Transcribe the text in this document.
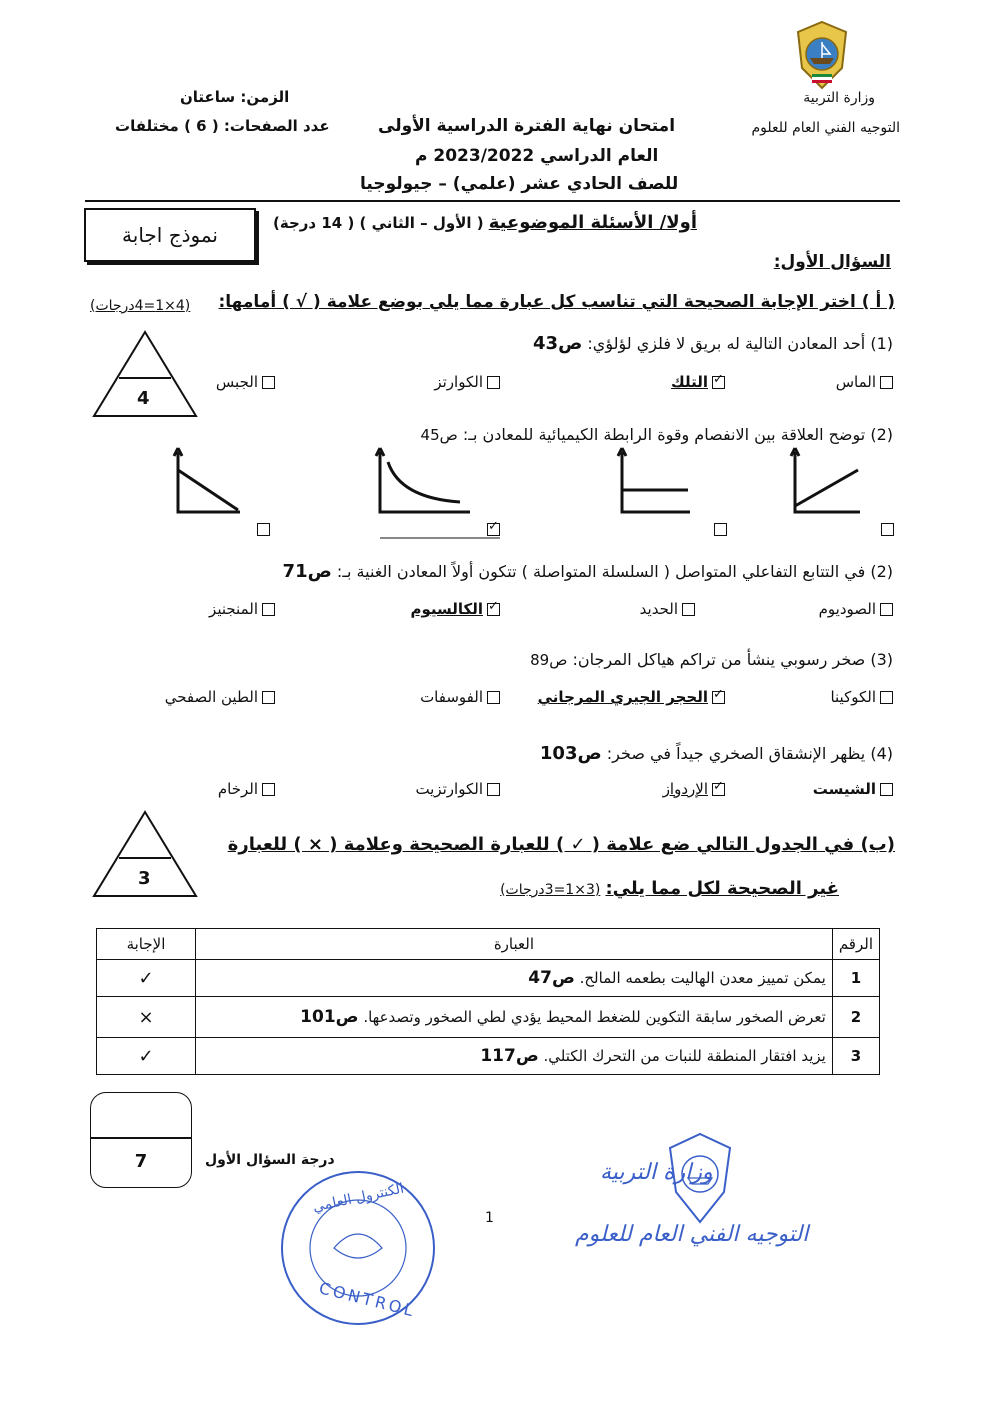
وزارة التربية
التوجيه الفني العام للعلوم
الزمن: ساعتان
عدد الصفحات: ( 6 ) مختلفات	امتحان نهاية الفترة الدراسية الأولى
العام الدراسي 2023/2022 م
للصف الحادي عشر (علمي) – جيولوجيا
نموذج اجابة
أولا/ الأسئلة الموضوعية ( الأول – الثاني ) ( 14 درجة)
السؤال الأول:
( أ ) اختر الإجابة الصحيحة التي تناسب كل عبارة مما يلي بوضع علامة ( √ ) أمامها:
(4×1=4درجات)
4
(1) أحد المعادن التالية له بريق لا فلزي لؤلؤي: ص43
الماس
✓التلك
الكوارتز
الجبس
(2) توضح العلاقة بين الانفصام وقوة الرابطة الكيميائية للمعادن بـ: ص45
✓
(2) في التتابع التفاعلي المتواصل ( السلسلة المتواصلة ) تتكون أولاً المعادن الغنية بـ: ص71
الصوديوم
الحديد
✓الكالسيوم
المنجنيز
(3) صخر رسوبي ينشأ من تراكم هياكل المرجان: ص89
الكوكينا
✓الحجر الجيري المرجاني
الفوسفات
الطين الصفحي
(4) يظهر الإنشقاق الصخري جيداً في صخر: ص103
الشيست
✓الإردواز
الكوارتزيت
الرخام
3
(ب) في الجدول التالي ضع علامة ( ✓ ) للعبارة الصحيحة وعلامة ( × ) للعبارة
غير الصحيحة لكل مما يلي: (3×1=3درجات)
الرقم	العبارة	الإجابة
1	يمكن تمييز معدن الهاليت بطعمه المالح. ص47	✓
2	تعرض الصخور سابقة التكوين للضغط المحيط يؤدي لطي الصخور وتصدعها. ص101	×
3	يزيد افتقار المنطقة للنبات من التحرك الكتلي. ص117	✓
7	درجة السؤال الأول
1
الكنترول العلمي
CONTROL
وزارة التربية
التوجيه الفني العام للعلوم
